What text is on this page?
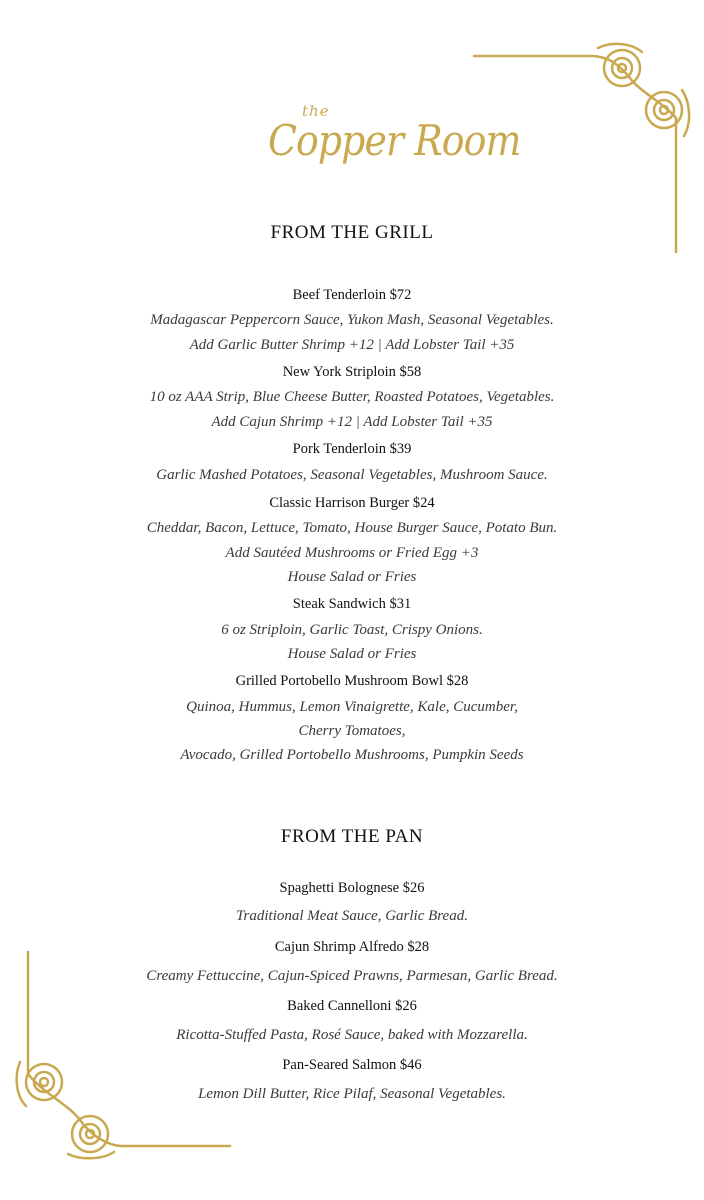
the
Copper Room
FROM THE GRILL
Beef Tenderloin $72
Madagascar Peppercorn Sauce, Yukon Mash, Seasonal Vegetables.
Add Garlic Butter Shrimp +12 | Add Lobster Tail +35
New York Striploin $58
10 oz AAA Strip, Blue Cheese Butter, Roasted Potatoes, Vegetables.
Add Cajun Shrimp +12 | Add Lobster Tail +35
Pork Tenderloin $39
Garlic Mashed Potatoes, Seasonal Vegetables, Mushroom Sauce.
Classic Harrison Burger $24
Cheddar, Bacon, Lettuce, Tomato, House Burger Sauce, Potato Bun.
Add Sautéed Mushrooms or Fried Egg +3
House Salad or Fries
Steak Sandwich $31
6 oz Striploin, Garlic Toast, Crispy Onions.
House Salad or Fries
Grilled Portobello Mushroom Bowl $28
Quinoa, Hummus, Lemon Vinaigrette, Kale, Cucumber,
Cherry Tomatoes,
Avocado, Grilled Portobello Mushrooms, Pumpkin Seeds
FROM THE PAN
Spaghetti Bolognese $26
Traditional Meat Sauce, Garlic Bread.
Cajun Shrimp Alfredo $28
Creamy Fettuccine, Cajun-Spiced Prawns, Parmesan, Garlic Bread.
Baked Cannelloni $26
Ricotta-Stuffed Pasta, Rosé Sauce, baked with Mozzarella.
Pan-Seared Salmon $46
Lemon Dill Butter, Rice Pilaf, Seasonal Vegetables.
